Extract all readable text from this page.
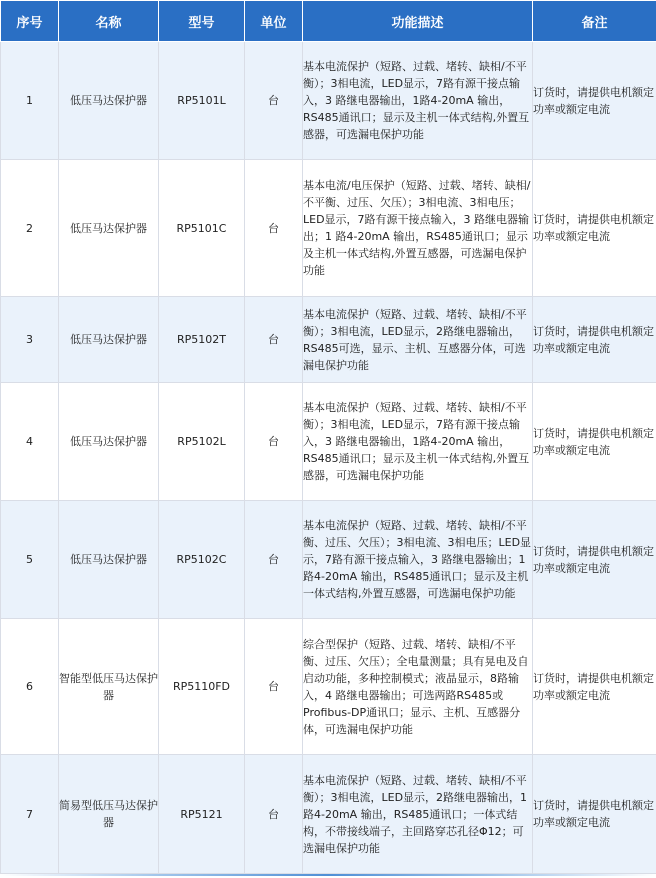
序号	名称	型号	单位	功能描述	备注
1	低压马达保护器	RP5101L	台	基本电流保护（短路、过载、堵转、缺相/不平衡）；3相电流，LED显示，7路有源干接点输入，3 路继电器输出，1路4-20mA 输出，RS485通讯口；显示及主机一体式结构,外置互感器，可选漏电保护功能	订货时，请提供电机额定功率或额定电流
2	低压马达保护器	RP5101C	台	基本电流/电压保护（短路、过载、堵转、缺相/不平衡、过压、欠压）；3相电流、3相电压；LED显示，7路有源干接点输入，3 路继电器输出；1 路4-20mA 输出，RS485通讯口；显示及主机一体式结构,外置互感器，可选漏电保护功能	订货时，请提供电机额定功率或额定电流
3	低压马达保护器	RP5102T	台	基本电流保护（短路、过载、堵转、缺相/不平衡）；3相电流，LED显示，2路继电器输出，RS485可选，显示、主机、互感器分体，可选漏电保护功能	订货时，请提供电机额定功率或额定电流
4	低压马达保护器	RP5102L	台	基本电流保护（短路、过载、堵转、缺相/不平衡）；3相电流，LED显示，7路有源干接点输入，3 路继电器输出，1路4-20mA 输出，RS485通讯口；显示及主机一体式结构,外置互感器，可选漏电保护功能	订货时，请提供电机额定功率或额定电流
5	低压马达保护器	RP5102C	台	基本电流保护（短路、过载、堵转、缺相/不平衡、过压、欠压）；3相电流、3相电压；LED显示，7路有源干接点输入，3 路继电器输出；1 路4-20mA 输出，RS485通讯口；显示及主机一体式结构,外置互感器，可选漏电保护功能	订货时，请提供电机额定功率或额定电流
6	智能型低压马达保护器	RP5110FD	台	综合型保护（短路、过载、堵转、缺相/不平衡、过压、欠压）；全电量测量；具有晃电及自启动功能，多种控制模式；液晶显示，8路输入，4 路继电器输出；可选两路RS485或Profibus-DP通讯口；显示、主机、互感器分体，可选漏电保护功能	订货时，请提供电机额定功率或额定电流
7	简易型低压马达保护器	RP5121	台	基本电流保护（短路、过载、堵转、缺相/不平衡）；3相电流，LED显示，2路继电器输出，1路4-20mA 输出，RS485通讯口；一体式结构，不带接线端子，主回路穿芯孔径Φ12；可选漏电保护功能	订货时，请提供电机额定功率或额定电流
